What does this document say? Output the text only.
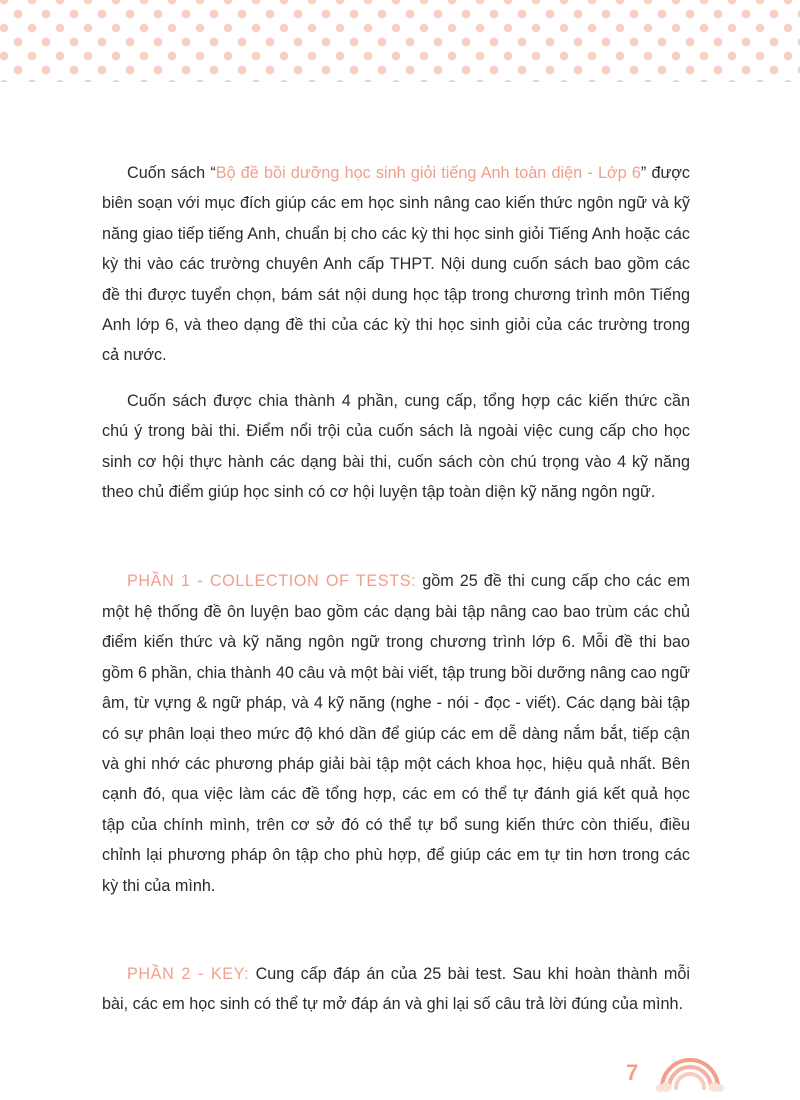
Cuốn sách “Bộ đề bồi dưỡng học sinh giỏi tiếng Anh toàn diện - Lớp 6” được biên soạn với mục đích giúp các em học sinh nâng cao kiến thức ngôn ngữ và kỹ năng giao tiếp tiếng Anh, chuẩn bị cho các kỳ thi học sinh giỏi Tiếng Anh hoặc các kỳ thi vào các trường chuyên Anh cấp THPT. Nội dung cuốn sách bao gồm các đề thi được tuyển chọn, bám sát nội dung học tập trong chương trình môn Tiếng Anh lớp 6, và theo dạng đề thi của các kỳ thi học sinh giỏi của các trường trong cả nước.

Cuốn sách được chia thành 4 phần, cung cấp, tổng hợp các kiến thức cần chú ý trong bài thi. Điểm nổi trội của cuốn sách là ngoài việc cung cấp cho học sinh cơ hội thực hành các dạng bài thi, cuốn sách còn chú trọng vào 4 kỹ năng theo chủ điểm giúp học sinh có cơ hội luyện tập toàn diện kỹ năng ngôn ngữ.

PHẦN 1 - COLLECTION OF TESTS: gồm 25 đề thi cung cấp cho các em một hệ thống đề ôn luyện bao gồm các dạng bài tập nâng cao bao trùm các chủ điểm kiến thức và kỹ năng ngôn ngữ trong chương trình lớp 6. Mỗi đề thi bao gồm 6 phần, chia thành 40 câu và một bài viết, tập trung bồi dưỡng nâng cao ngữ âm, từ vựng & ngữ pháp, và 4 kỹ năng (nghe - nói - đọc - viết). Các dạng bài tập có sự phân loại theo mức độ khó dần để giúp các em dễ dàng nắm bắt, tiếp cận và ghi nhớ các phương pháp giải bài tập một cách khoa học, hiệu quả nhất. Bên cạnh đó, qua việc làm các đề tổng hợp, các em có thể tự đánh giá kết quả học tập của chính mình, trên cơ sở đó có thể tự bổ sung kiến thức còn thiếu, điều chỉnh lại phương pháp ôn tập cho phù hợp, để giúp các em tự tin hơn trong các kỳ thi của mình.

PHẦN 2 - KEY: Cung cấp đáp án của 25 bài test. Sau khi hoàn thành mỗi bài, các em học sinh có thể tự mở đáp án và ghi lại số câu trả lời đúng của mình.

7
